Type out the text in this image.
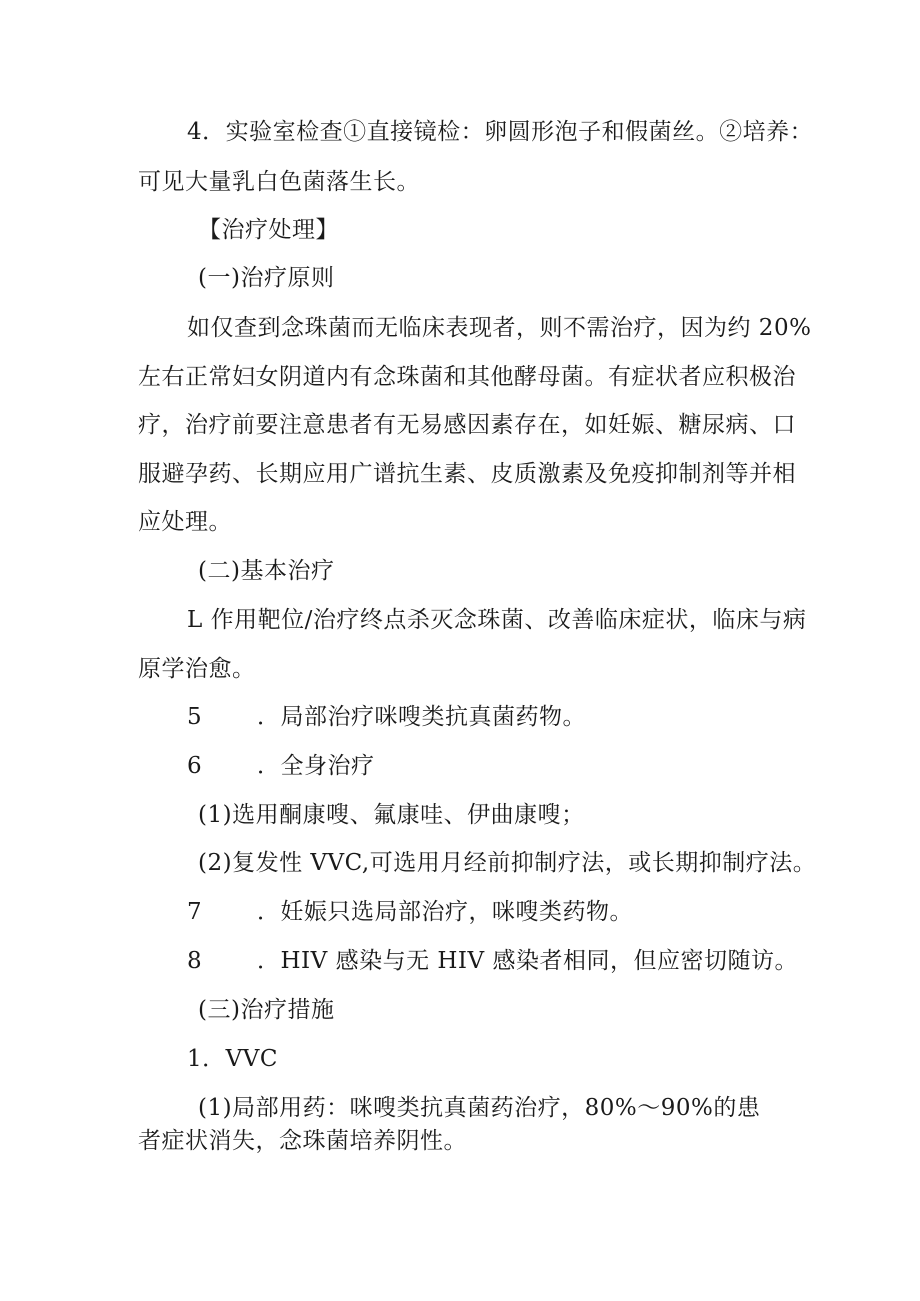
4．实验室检查①直接镜检：卵圆形泡子和假菌丝。②培养：
可见大量乳白色菌落生长。
【治疗处理】
(一)治疗原则
如仅查到念珠菌而无临床表现者，则不需治疗，因为约 20%
左右正常妇女阴道内有念珠菌和其他酵母菌。有症状者应积极治
疗，治疗前要注意患者有无易感因素存在，如妊娠、糖尿病、口
服避孕药、长期应用广谱抗生素、皮质激素及免疫抑制剂等并相
应处理。
(二)基本治疗
L 作用靶位/治疗终点杀灭念珠菌、改善临床症状，临床与病
原学治愈。
5 ．局部治疗咪嗖类抗真菌药物。
6 ．全身治疗
(1)选用酮康嗖、氟康哇、伊曲康嗖；
(2)复发性 VVC,可选用月经前抑制疗法，或长期抑制疗法。
7 ．妊娠只选局部治疗，咪嗖类药物。
8 ．HIV 感染与无 HIV 感染者相同，但应密切随访。
(三)治疗措施
1．VVC
(1)局部用药：咪嗖类抗真菌药治疗，80%～90%的患
者症状消失，念珠菌培养阴性。
